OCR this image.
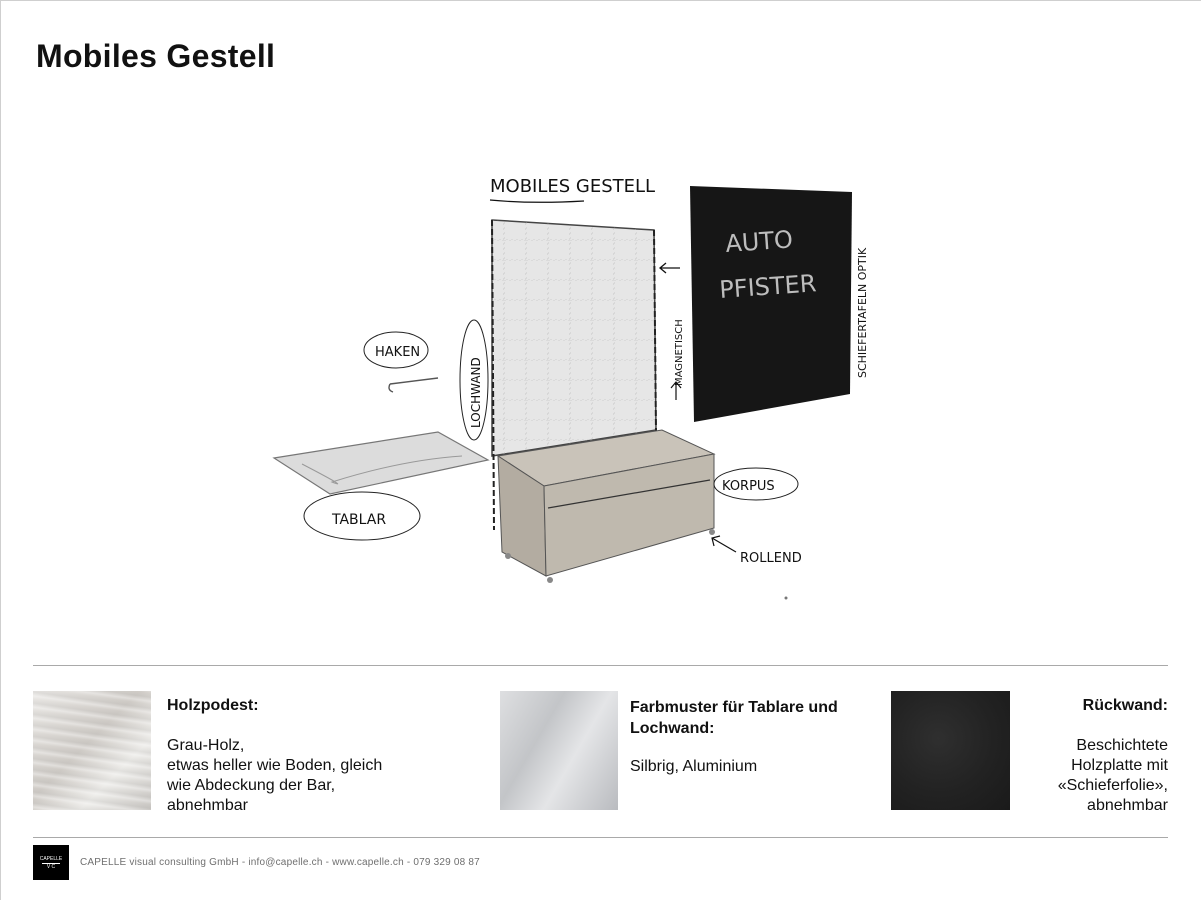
Mobiles Gestell
MOBILES GESTELL
AUTO
PFISTER	SCHIEFERTAFELN OPTIK
MAGNETISCH
LOCHWAND
HAKEN
TABLAR
KORPUS
ROLLEND
Holzpodest:

Grau-Holz,
etwas heller wie Boden, gleich
wie Abdeckung der Bar,
abnehmbar

Farbmuster für Tablare und Lochwand:

Silbrig, Aluminium

Rückwand:

Beschichtete
Holzplatte mit
«Schieferfolie»,
abnehmbar

CAPELLE
V C	CAPELLE visual consulting GmbH - info@capelle.ch - www.capelle.ch - 079 329 08 87
